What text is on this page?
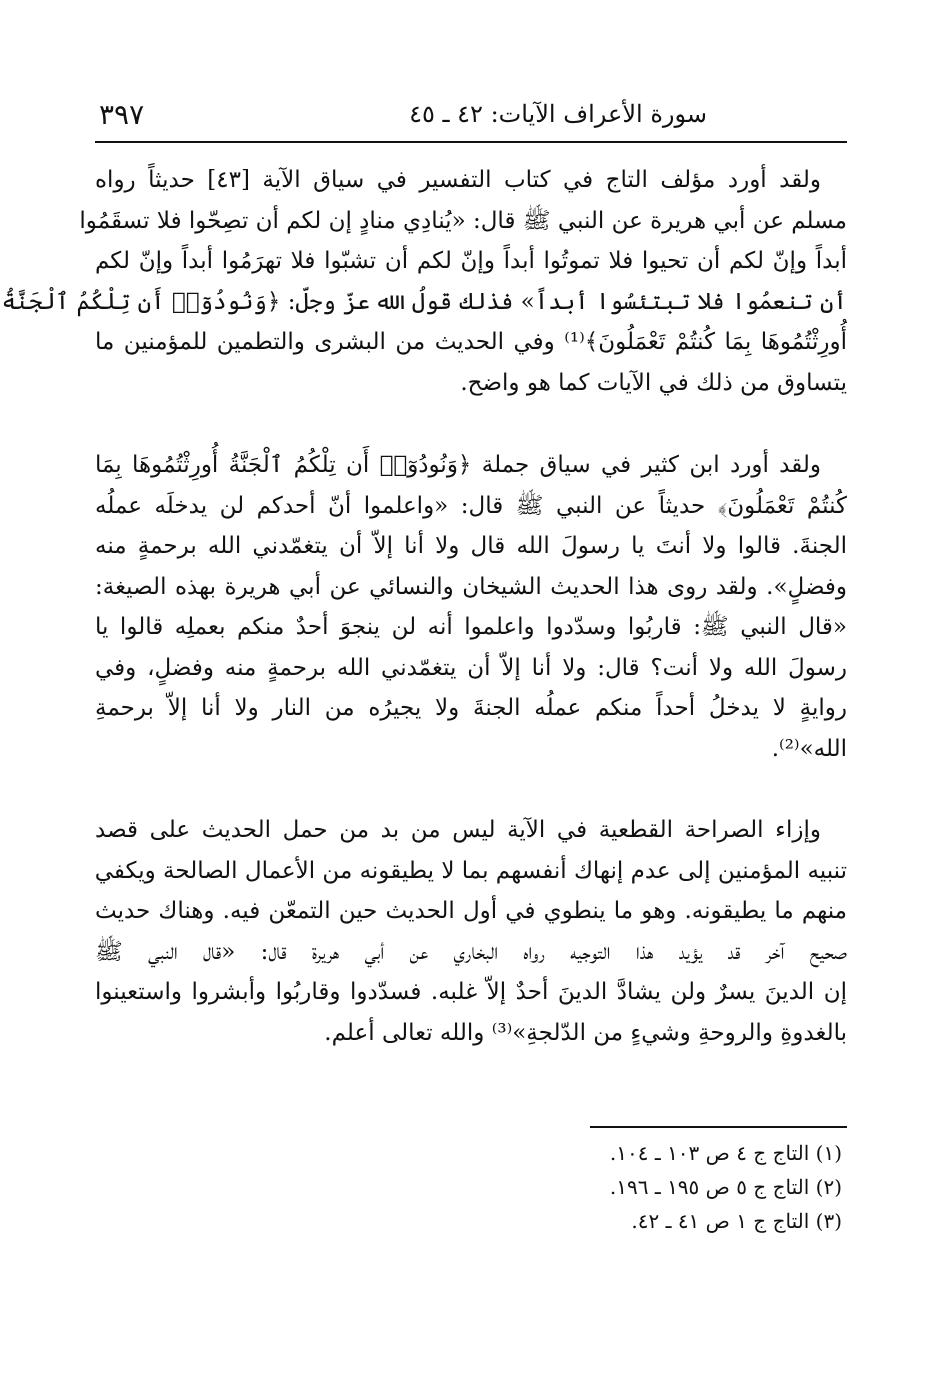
سورة الأعراف الآيات: ٤٢ ـ ٤٥
٣٩٧
ولقد أورد مؤلف التاج في كتاب التفسير في سياق الآية [٤٣] حديثاً رواه
مسلم عن أبي هريرة عن النبي ﷺ قال: «يُنادِي منادٍ إن لكم أن تصِحّوا فلا تسقَمُوا
أبداً وإنّ لكم أن تحيوا فلا تموتُوا أبداً وإنّ لكم أن تشبّوا فلا تهرَمُوا أبداً وإنّ لكم
أن تنعمُوا فلا تبتئسُوا أبداً» فذلك قولُ الله عزّ وجلّ: ﴿وَنُودُوٓا۟ أَن تِلْكُمُ ٱلْجَنَّةُ
أُورِثْتُمُوهَا بِمَا كُنتُمْ تَعْمَلُونَ﴾⁽¹⁾ وفي الحديث من البشرى والتطمين للمؤمنين ما
يتساوق من ذلك في الآيات كما هو واضح.
ولقد أورد ابن كثير في سياق جملة ﴿وَنُودُوٓا۟ أَن تِلْكُمُ ٱلْجَنَّةُ أُورِثْتُمُوهَا بِمَا
كُنتُمْ تَعْمَلُونَ﴾ حديثاً عن النبي ﷺ قال: «واعلموا أنّ أحدكم لن يدخلَه عملُه
الجنةَ. قالوا ولا أنتَ يا رسولَ الله قال ولا أنا إلاّ أن يتغمّدني الله برحمةٍ منه
وفضلٍ». ولقد روى هذا الحديث الشيخان والنسائي عن أبي هريرة بهذه الصيغة:
«قال النبي ﷺ: قاربُوا وسدّدوا واعلموا أنه لن ينجوَ أحدٌ منكم بعملِه قالوا يا
رسولَ الله ولا أنت؟ قال: ولا أنا إلاّ أن يتغمّدني الله برحمةٍ منه وفضلٍ، وفي
روايةٍ لا يدخلُ أحداً منكم عملُه الجنةَ ولا يجيرُه من النار ولا أنا إلاّ برحمةِ
الله»⁽²⁾.
وإزاء الصراحة القطعية في الآية ليس من بد من حمل الحديث على قصد
تنبيه المؤمنين إلى عدم إنهاك أنفسهم بما لا يطيقونه من الأعمال الصالحة ويكفي
منهم ما يطيقونه. وهو ما ينطوي في أول الحديث حين التمعّن فيه. وهناك حديث
صحيح آخر قد يؤيد هذا التوجيه رواه البخاري عن أبي هريرة قال: «قال النبي ﷺ
إن الدينَ يسرٌ ولن يشادَّ الدينَ أحدٌ إلاّ غلبه. فسدّدوا وقاربُوا وأبشروا واستعينوا
بالغدوةِ والروحةِ وشيءٍ من الدّلجةِ»⁽³⁾ والله تعالى أعلم.
(١) التاج ج ٤ ص ١٠٣ ـ ١٠٤.
(٢) التاج ج ٥ ص ١٩٥ ـ ١٩٦.
(٣) التاج ج ١ ص ٤١ ـ ٤٢.
